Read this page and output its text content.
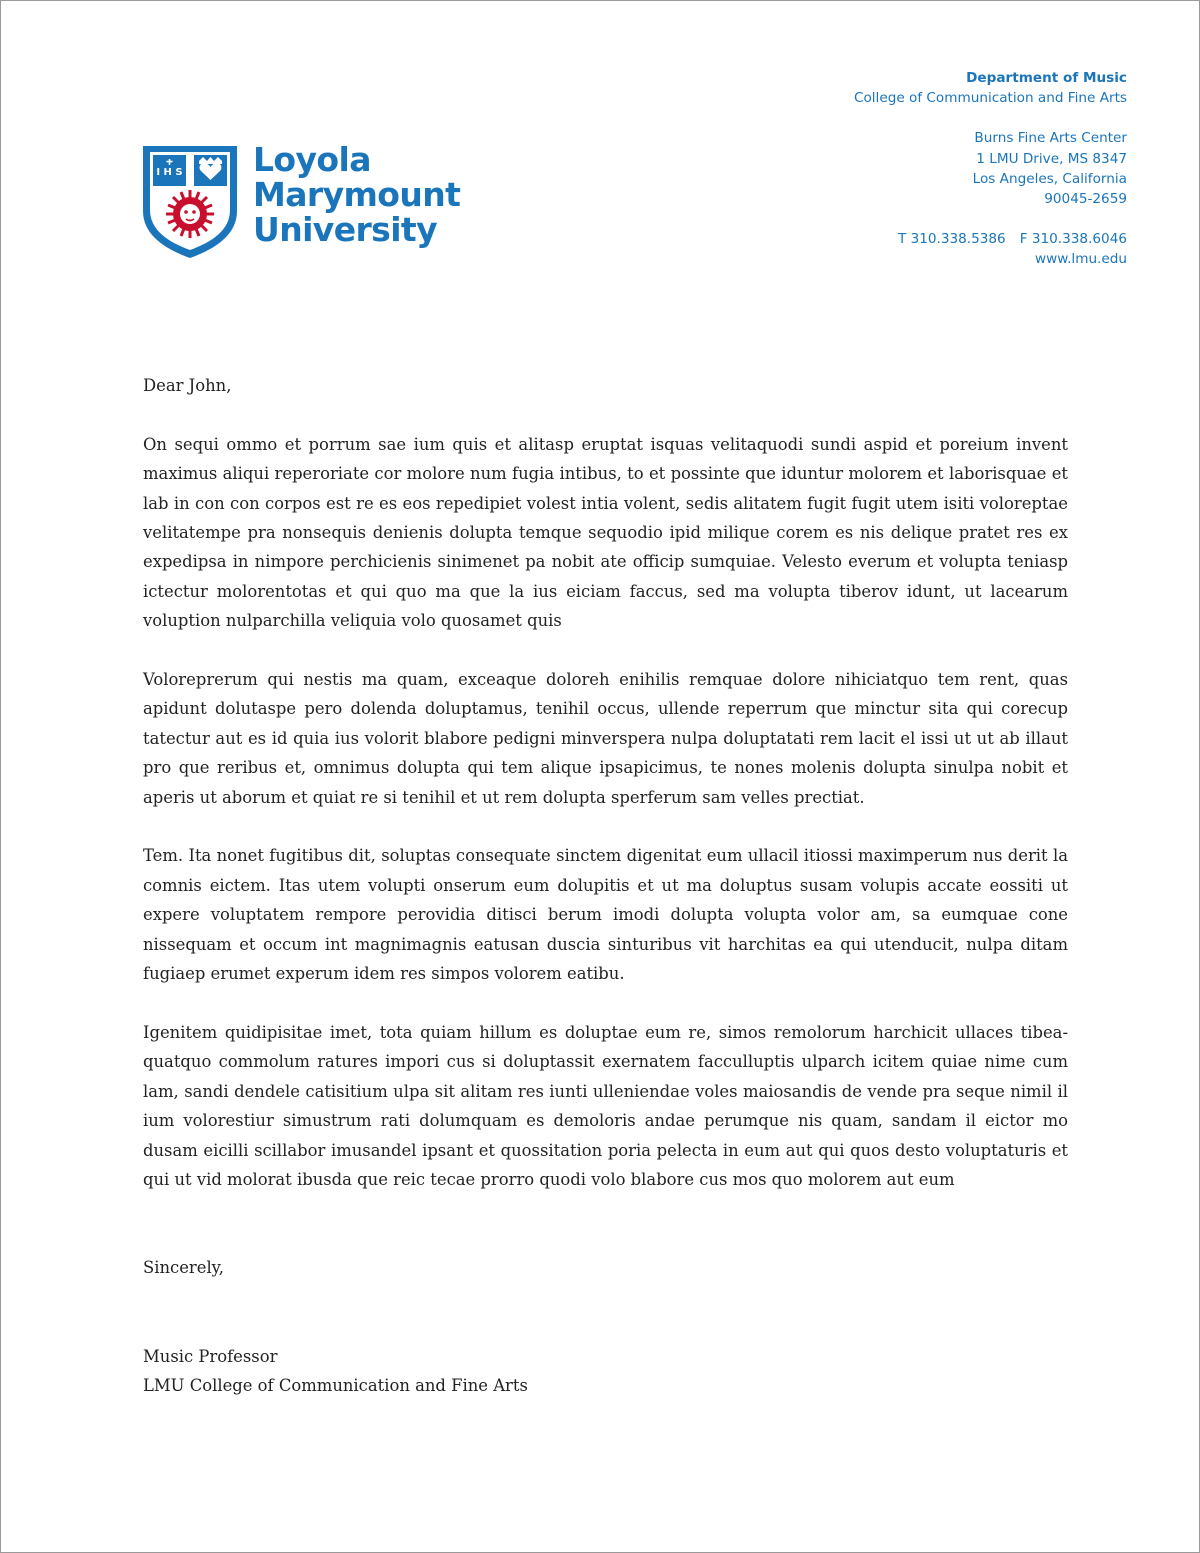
I H S Loyola
Marymount
University
Department of Music
College of Communication and Fine Arts
Burns Fine Arts Center
1 LMU Drive, MS 8347
Los Angeles, California
90045-2659
T 310.338.5386 F 310.338.6046
www.lmu.edu

Dear John,

On sequi ommo et porrum sae ium quis et alitasp eruptat isquas velitaquodi sundi aspid et poreium invent maximus aliqui reperoriate cor molore num fugia intibus, to et possinte que iduntur molorem et laborisquae et lab in con con corpos est re es eos repedipiet volest intia volent, sedis alitatem fugit fugit utem isiti voloreptae velitatempe pra nonsequis denienis dolupta temque sequodio ipid milique corem es nis delique pratet res ex expedipsa in nimpore perchicienis sinimenet pa nobit ate officip sumquiae. Velesto everum et volupta teniasp ictectur molorentotas et qui quo ma que la ius eiciam faccus, sed ma volupta tiberov idunt, ut lacearum voluption nulparchilla veliquia volo quosamet quis

Voloreprerum qui nestis ma quam, exceaque doloreh enihilis remquae dolore nihiciatquo tem rent, quas apidunt dolutaspe pero dolenda doluptamus, tenihil occus, ullende reperrum que minctur sita qui corecup tatectur aut es id quia ius volorit blabore pedigni minverspera nulpa doluptatati rem lacit el issi ut ut ab illaut pro que reribus et, omnimus dolupta qui tem alique ipsapicimus, te nones molenis dolupta sinulpa nobit et aperis ut aborum et quiat re si tenihil et ut rem dolupta sperferum sam velles prectiat.

Tem. Ita nonet fugitibus dit, soluptas consequate sinctem digenitat eum ullacil itiossi maximperum nus derit la comnis eictem. Itas utem volupti onserum eum dolupitis et ut ma doluptus susam volupis accate eossiti ut expere voluptatem rempore perovidia ditisci berum imodi dolupta volupta volor am, sa eumquae cone nissequam et occum int magnimagnis eatusan duscia sinturibus vit harchitas ea qui utenducit, nulpa ditam fugiaep erumet experum idem res simpos volorem eatibu.

Igenitem quidipisitae imet, tota quiam hillum es doluptae eum re, simos remolorum harchicit ullaces tibeaquatquo commolum ratures impori cus si doluptassit exernatem facculluptis ulparch icitem quiae nime cum lam, sandi dendele catisitium ulpa sit alitam res iunti ulleniendae voles maiosandis de vende pra seque nimil il ium volorestiur simustrum rati dolumquam es demoloris andae perumque nis quam, sandam il eictor mo dusam eicilli scillabor imusandel ipsant et quossitation poria pelecta in eum aut qui quos desto voluptaturis et qui ut vid molorat ibusda que reic tecae prorro quodi volo blabore cus mos quo molorem aut eum

Sincerely,

Music Professor

LMU College of Communication and Fine Arts
